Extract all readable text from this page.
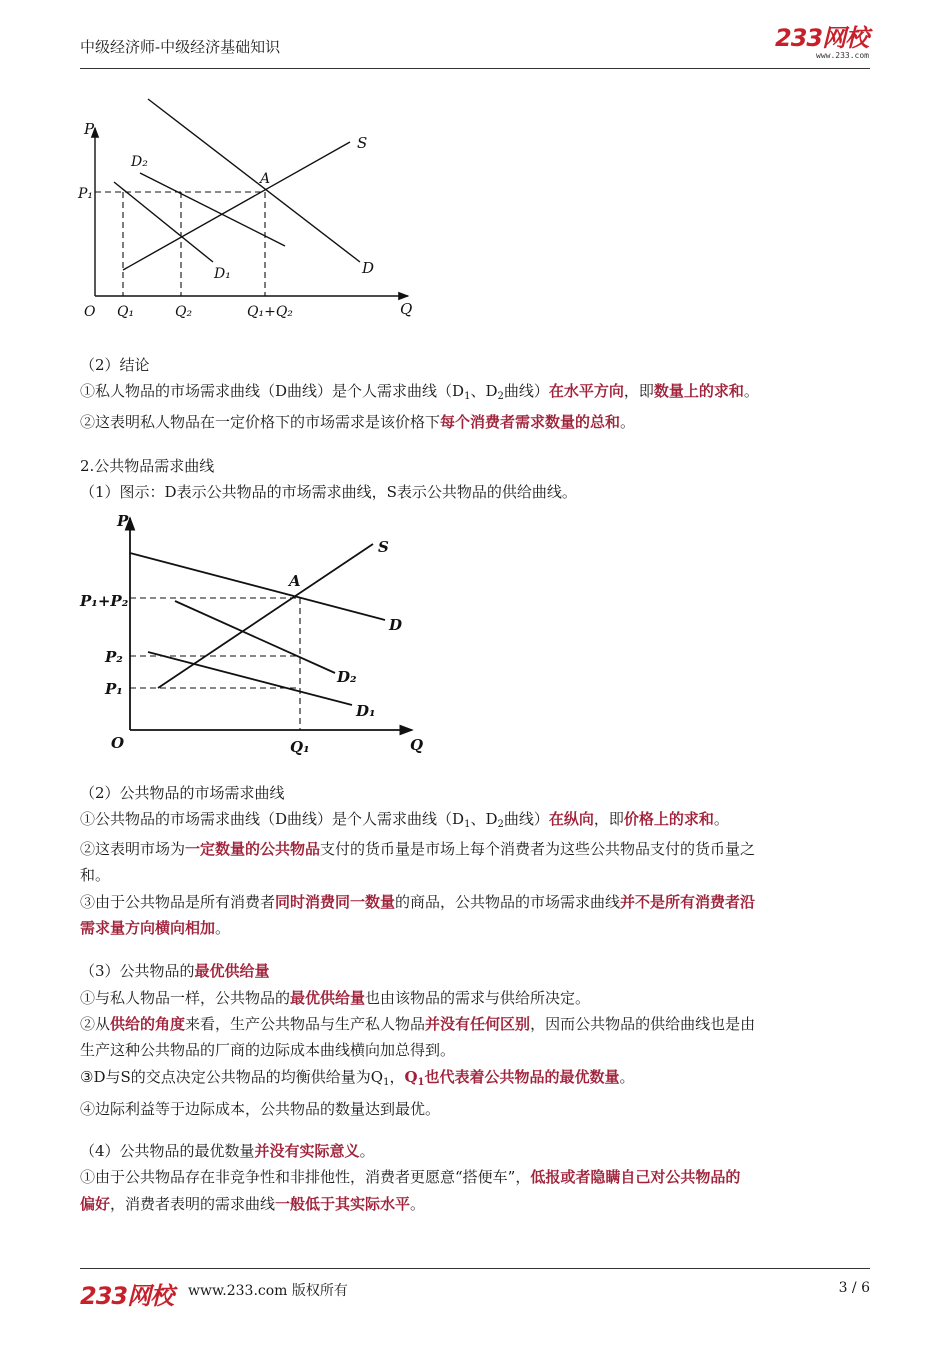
中级经济师-中级经济基础知识	233网校
www.233.com
P
P₁
O Q₁	Q₂	Q₁+Q₂	Q
S
A
D
D₂
D₁
P
O	Q
Q₁
P₁+P₂
P₂
P₁
S
A
D
D₂
D₁
（2）结论
①私人物品的市场需求曲线（D曲线）是个人需求曲线（$D_1$、$D_2$曲线）在水平方向，即数量上的求和。
②这表明私人物品在一定价格下的市场需求是该价格下每个消费者需求数量的总和。
2.公共物品需求曲线
（1）图示：D表示公共物品的市场需求曲线，S表示公共物品的供给曲线。
（2）公共物品的市场需求曲线
①公共物品的市场需求曲线（D曲线）是个人需求曲线（$D_1$、$D_2$曲线）在纵向，即价格上的求和。
②这表明市场为一定数量的公共物品支付的货币量是市场上每个消费者为这些公共物品支付的货币量之
和。
③由于公共物品是所有消费者同时消费同一数量的商品，公共物品的市场需求曲线并不是所有消费者沿
需求量方向横向相加。
（3）公共物品的最优供给量
①与私人物品一样，公共物品的最优供给量也由该物品的需求与供给所决定。
②从供给的角度来看，生产公共物品与生产私人物品并没有任何区别，因而公共物品的供给曲线也是由
生产这种公共物品的厂商的边际成本曲线横向加总得到。
③D与S的交点决定公共物品的均衡供给量为$Q_1$，$Q_1$也代表着公共物品的最优数量。
④边际利益等于边际成本，公共物品的数量达到最优。
（4）公共物品的最优数量并没有实际意义。
①由于公共物品存在非竞争性和非排他性，消费者更愿意“搭便车”，低报或者隐瞒自己对公共物品的
偏好，消费者表明的需求曲线一般低于其实际水平。
233网校 www.233.com 版权所有	3 / 6
